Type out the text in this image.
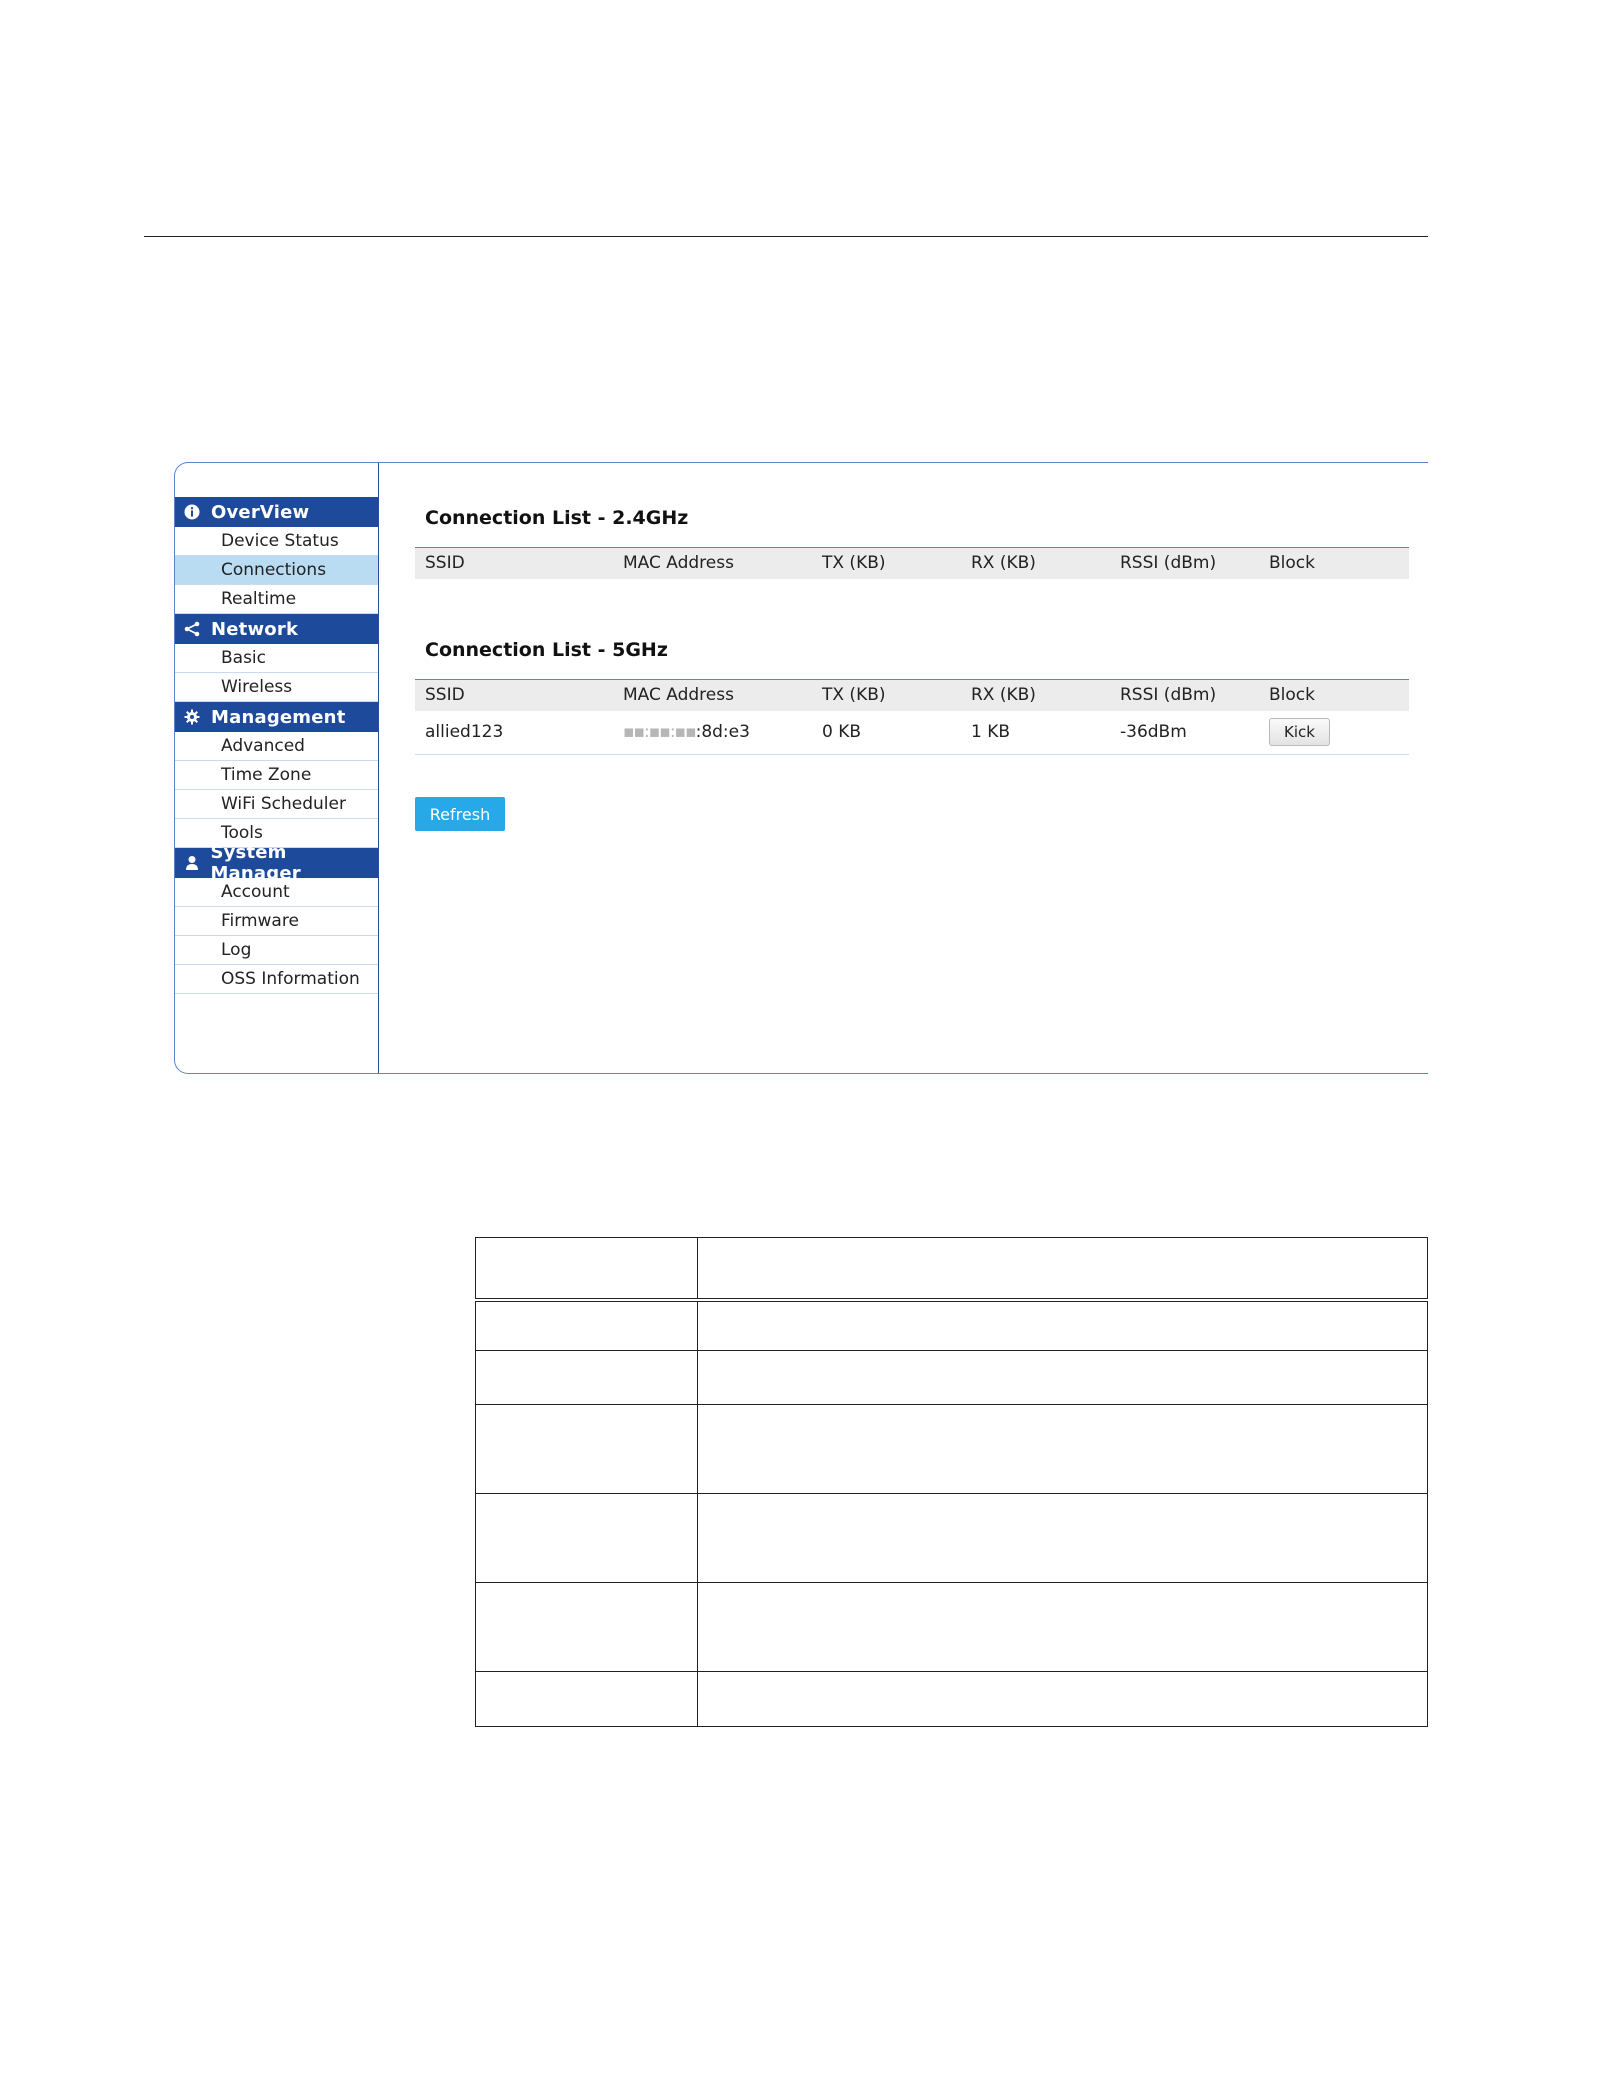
OverView
Device Status
Connections
Realtime
Network
Basic
Wireless
Management
Advanced
Time Zone
WiFi Scheduler
Tools
System Manager
Account
Firmware
Log
OSS Information
Connection List - 2.4GHz
SSID	MAC Address	TX (KB)	RX (KB)	RSSI (dBm)	Block
Connection List - 5GHz
SSID	MAC Address	TX (KB)	RX (KB)	RSSI (dBm)	Block
allied123	▪▪:▪▪:▪▪:8d:e3	0 KB	1 KB	-36dBm	Kick
Refresh
